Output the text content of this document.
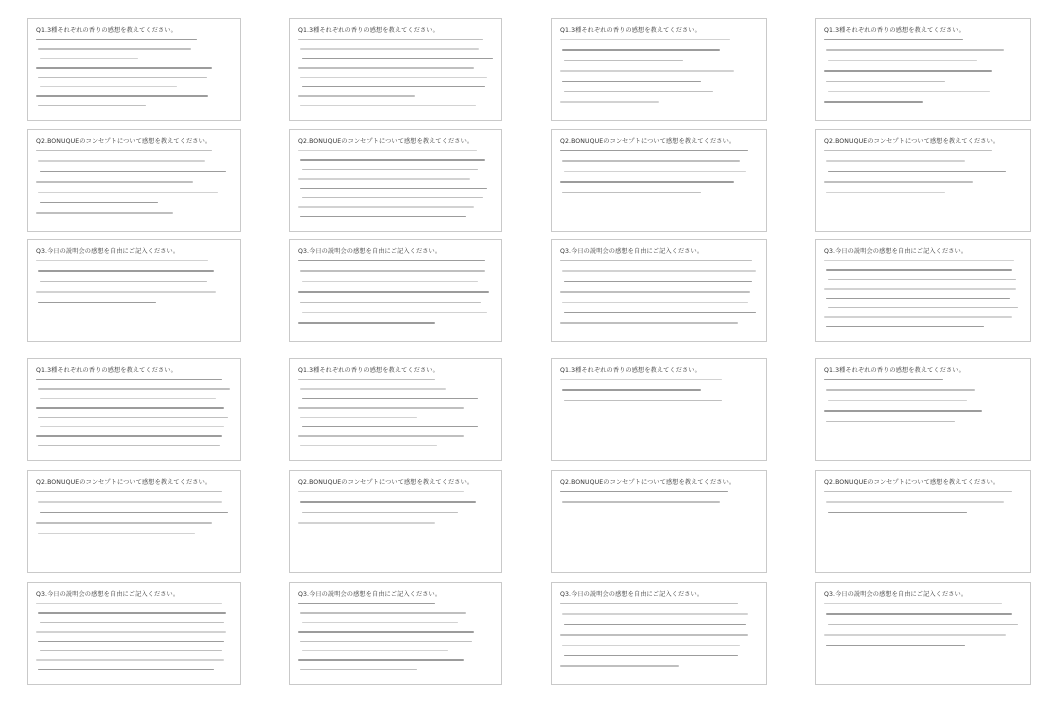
Q1.3種それぞれの香りの感想を教えてください。	Q1.3種それぞれの香りの感想を教えてください。	Q1.3種それぞれの香りの感想を教えてください。	Q1.3種それぞれの香りの感想を教えてください。
Q2.BONUQUEのコンセプトについて感想を教えてください。	Q2.BONUQUEのコンセプトについて感想を教えてください。	Q2.BONUQUEのコンセプトについて感想を教えてください。	Q2.BONUQUEのコンセプトについて感想を教えてください。
Q3.今日の説明会の感想を自由にご記入ください。	Q3.今日の説明会の感想を自由にご記入ください。	Q3.今日の説明会の感想を自由にご記入ください。	Q3.今日の説明会の感想を自由にご記入ください。
Q1.3種それぞれの香りの感想を教えてください。	Q1.3種それぞれの香りの感想を教えてください。	Q1.3種それぞれの香りの感想を教えてください。	Q1.3種それぞれの香りの感想を教えてください。
Q2.BONUQUEのコンセプトについて感想を教えてください。	Q2.BONUQUEのコンセプトについて感想を教えてください。	Q2.BONUQUEのコンセプトについて感想を教えてください。	Q2.BONUQUEのコンセプトについて感想を教えてください。
Q3.今日の説明会の感想を自由にご記入ください。	Q3.今日の説明会の感想を自由にご記入ください。	Q3.今日の説明会の感想を自由にご記入ください。	Q3.今日の説明会の感想を自由にご記入ください。
